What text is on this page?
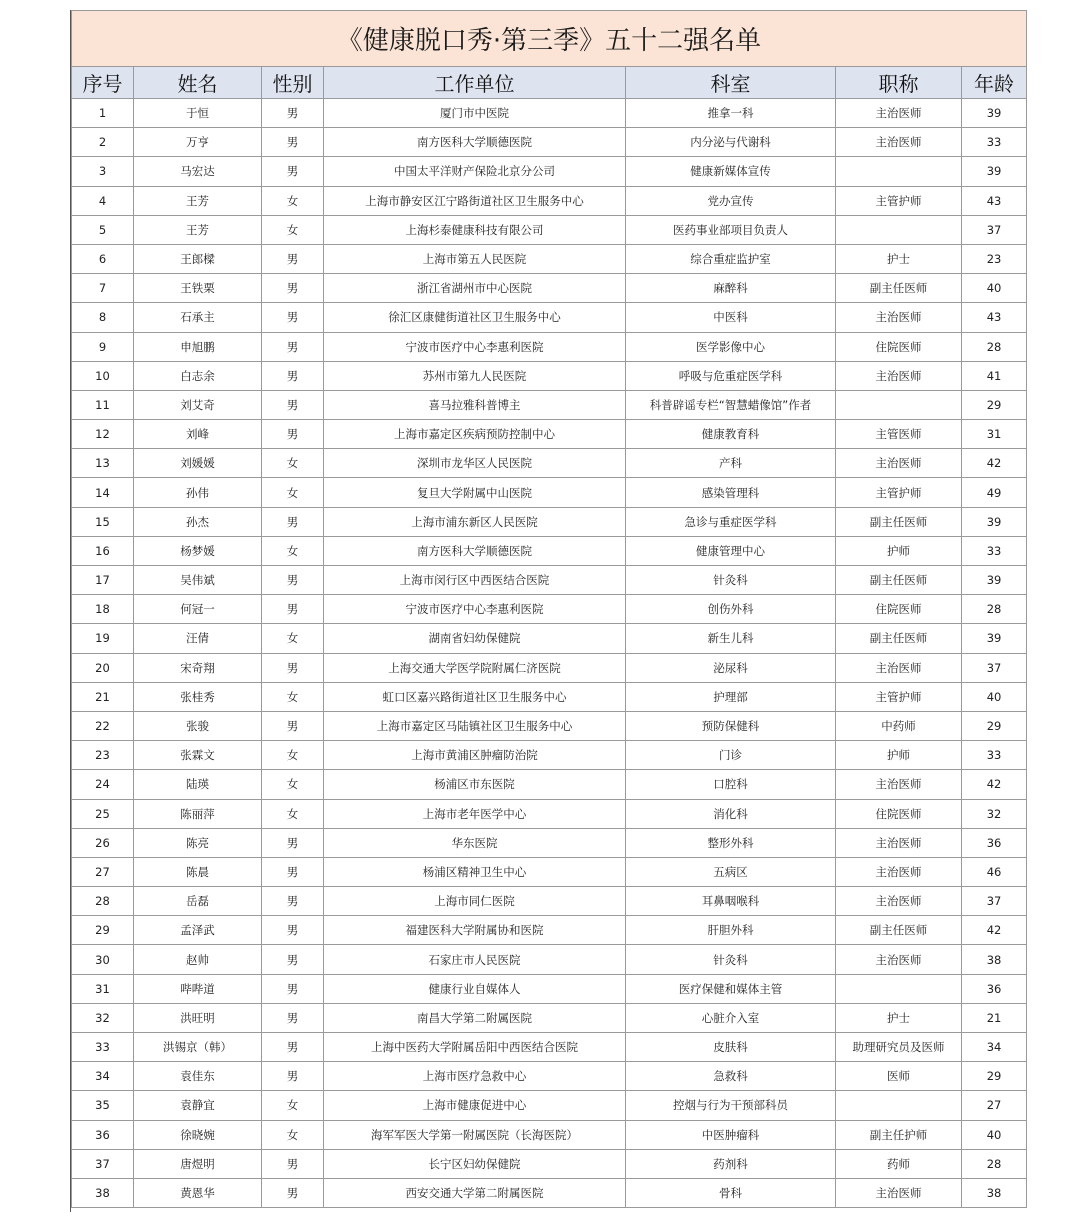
《健康脱口秀·第三季》五十二强名单						
序号	姓名	性别	工作单位	科室	职称	年龄
1	于恒	男	厦门市中医院	推拿一科	主治医师	39
2	万亨	男	南方医科大学顺德医院	内分泌与代谢科	主治医师	33
3	马宏达	男	中国太平洋财产保险北京分公司	健康新媒体宣传		39
4	王芳	女	上海市静安区江宁路街道社区卫生服务中心	党办宣传	主管护师	43
5	王芳	女	上海杉泰健康科技有限公司	医药事业部项目负责人		37
6	王郎樑	男	上海市第五人民医院	综合重症监护室	护士	23
7	王铁栗	男	浙江省湖州市中心医院	麻醉科	副主任医师	40
8	石承主	男	徐汇区康健街道社区卫生服务中心	中医科	主治医师	43
9	申旭鹏	男	宁波市医疗中心李惠利医院	医学影像中心	住院医师	28
10	白志余	男	苏州市第九人民医院	呼吸与危重症医学科	主治医师	41
11	刘艾奇	男	喜马拉雅科普博主	科普辟谣专栏“智慧蜡像馆”作者		29
12	刘峰	男	上海市嘉定区疾病预防控制中心	健康教育科	主管医师	31
13	刘媛媛	女	深圳市龙华区人民医院	产科	主治医师	42
14	孙伟	女	复旦大学附属中山医院	感染管理科	主管护师	49
15	孙杰	男	上海市浦东新区人民医院	急诊与重症医学科	副主任医师	39
16	杨梦媛	女	南方医科大学顺德医院	健康管理中心	护师	33
17	吴伟斌	男	上海市闵行区中西医结合医院	针灸科	副主任医师	39
18	何冠一	男	宁波市医疗中心李惠利医院	创伤外科	住院医师	28
19	汪倩	女	湖南省妇幼保健院	新生儿科	副主任医师	39
20	宋奇翔	男	上海交通大学医学院附属仁济医院	泌尿科	主治医师	37
21	张桂秀	女	虹口区嘉兴路街道社区卫生服务中心	护理部	主管护师	40
22	张骏	男	上海市嘉定区马陆镇社区卫生服务中心	预防保健科	中药师	29
23	张霖文	女	上海市黄浦区肿瘤防治院	门诊	护师	33
24	陆瑛	女	杨浦区市东医院	口腔科	主治医师	42
25	陈丽萍	女	上海市老年医学中心	消化科	住院医师	32
26	陈亮	男	华东医院	整形外科	主治医师	36
27	陈晨	男	杨浦区精神卫生中心	五病区	主治医师	46
28	岳磊	男	上海市同仁医院	耳鼻咽喉科	主治医师	37
29	孟泽武	男	福建医科大学附属协和医院	肝胆外科	副主任医师	42
30	赵帅	男	石家庄市人民医院	针灸科	主治医师	38
31	哔哔道	男	健康行业自媒体人	医疗保健和媒体主管		36
32	洪旺明	男	南昌大学第二附属医院	心脏介入室	护士	21
33	洪锡京（韩）	男	上海中医药大学附属岳阳中西医结合医院	皮肤科	助理研究员及医师	34
34	袁佳东	男	上海市医疗急救中心	急救科	医师	29
35	袁静宜	女	上海市健康促进中心	控烟与行为干预部科员		27
36	徐晓婉	女	海军军医大学第一附属医院（长海医院）	中医肿瘤科	副主任护师	40
37	唐煜明	男	长宁区妇幼保健院	药剂科	药师	28
38	黄恩华	男	西安交通大学第二附属医院	骨科	主治医师	38
